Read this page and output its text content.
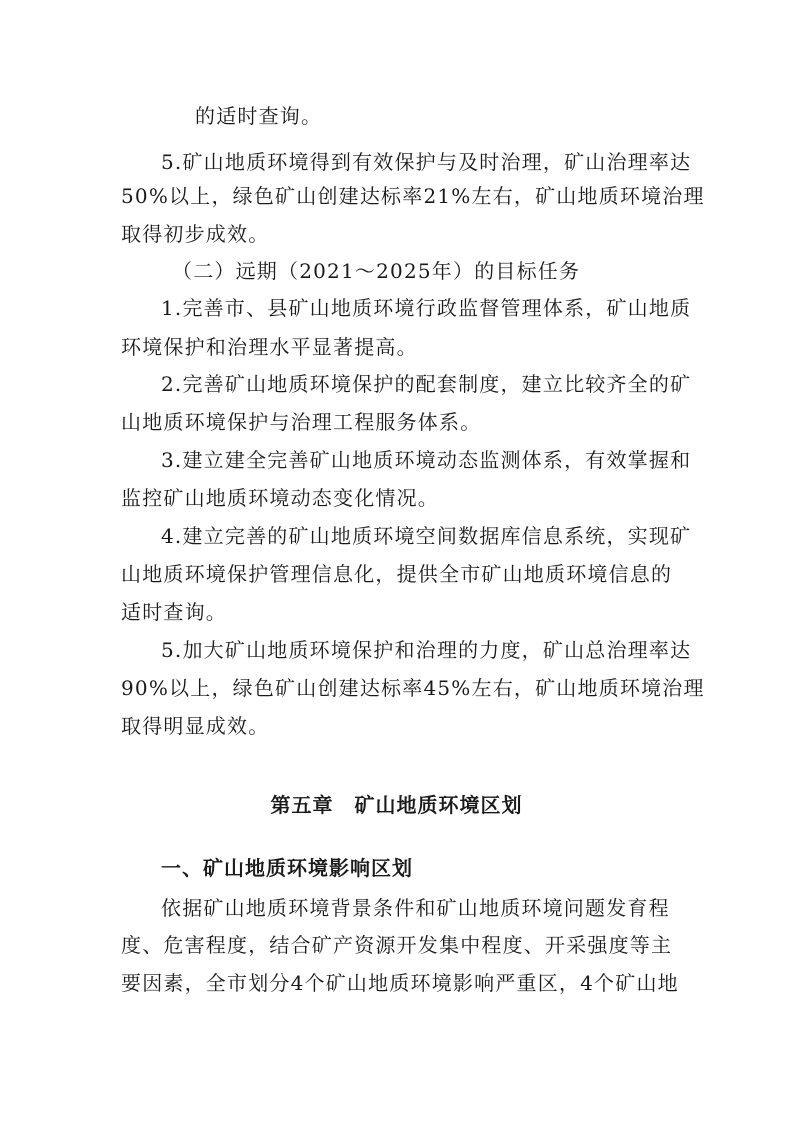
的适时查询。
5.矿山地质环境得到有效保护与及时治理，矿山治理率达
50%以上，绿色矿山创建达标率21%左右，矿山地质环境治理
取得初步成效。
（二）远期（2021～2025年）的目标任务
1.完善市、县矿山地质环境行政监督管理体系，矿山地质
环境保护和治理水平显著提高。
2.完善矿山地质环境保护的配套制度，建立比较齐全的矿
山地质环境保护与治理工程服务体系。
3.建立建全完善矿山地质环境动态监测体系，有效掌握和
监控矿山地质环境动态变化情况。
4.建立完善的矿山地质环境空间数据库信息系统，实现矿
山地质环境保护管理信息化，提供全市矿山地质环境信息的
适时查询。
5.加大矿山地质环境保护和治理的力度，矿山总治理率达
90%以上，绿色矿山创建达标率45%左右，矿山地质环境治理
取得明显成效。
第五章　矿山地质环境区划
一、矿山地质环境影响区划
依据矿山地质环境背景条件和矿山地质环境问题发育程
度、危害程度，结合矿产资源开发集中程度、开采强度等主
要因素，全市划分4个矿山地质环境影响严重区，4个矿山地
